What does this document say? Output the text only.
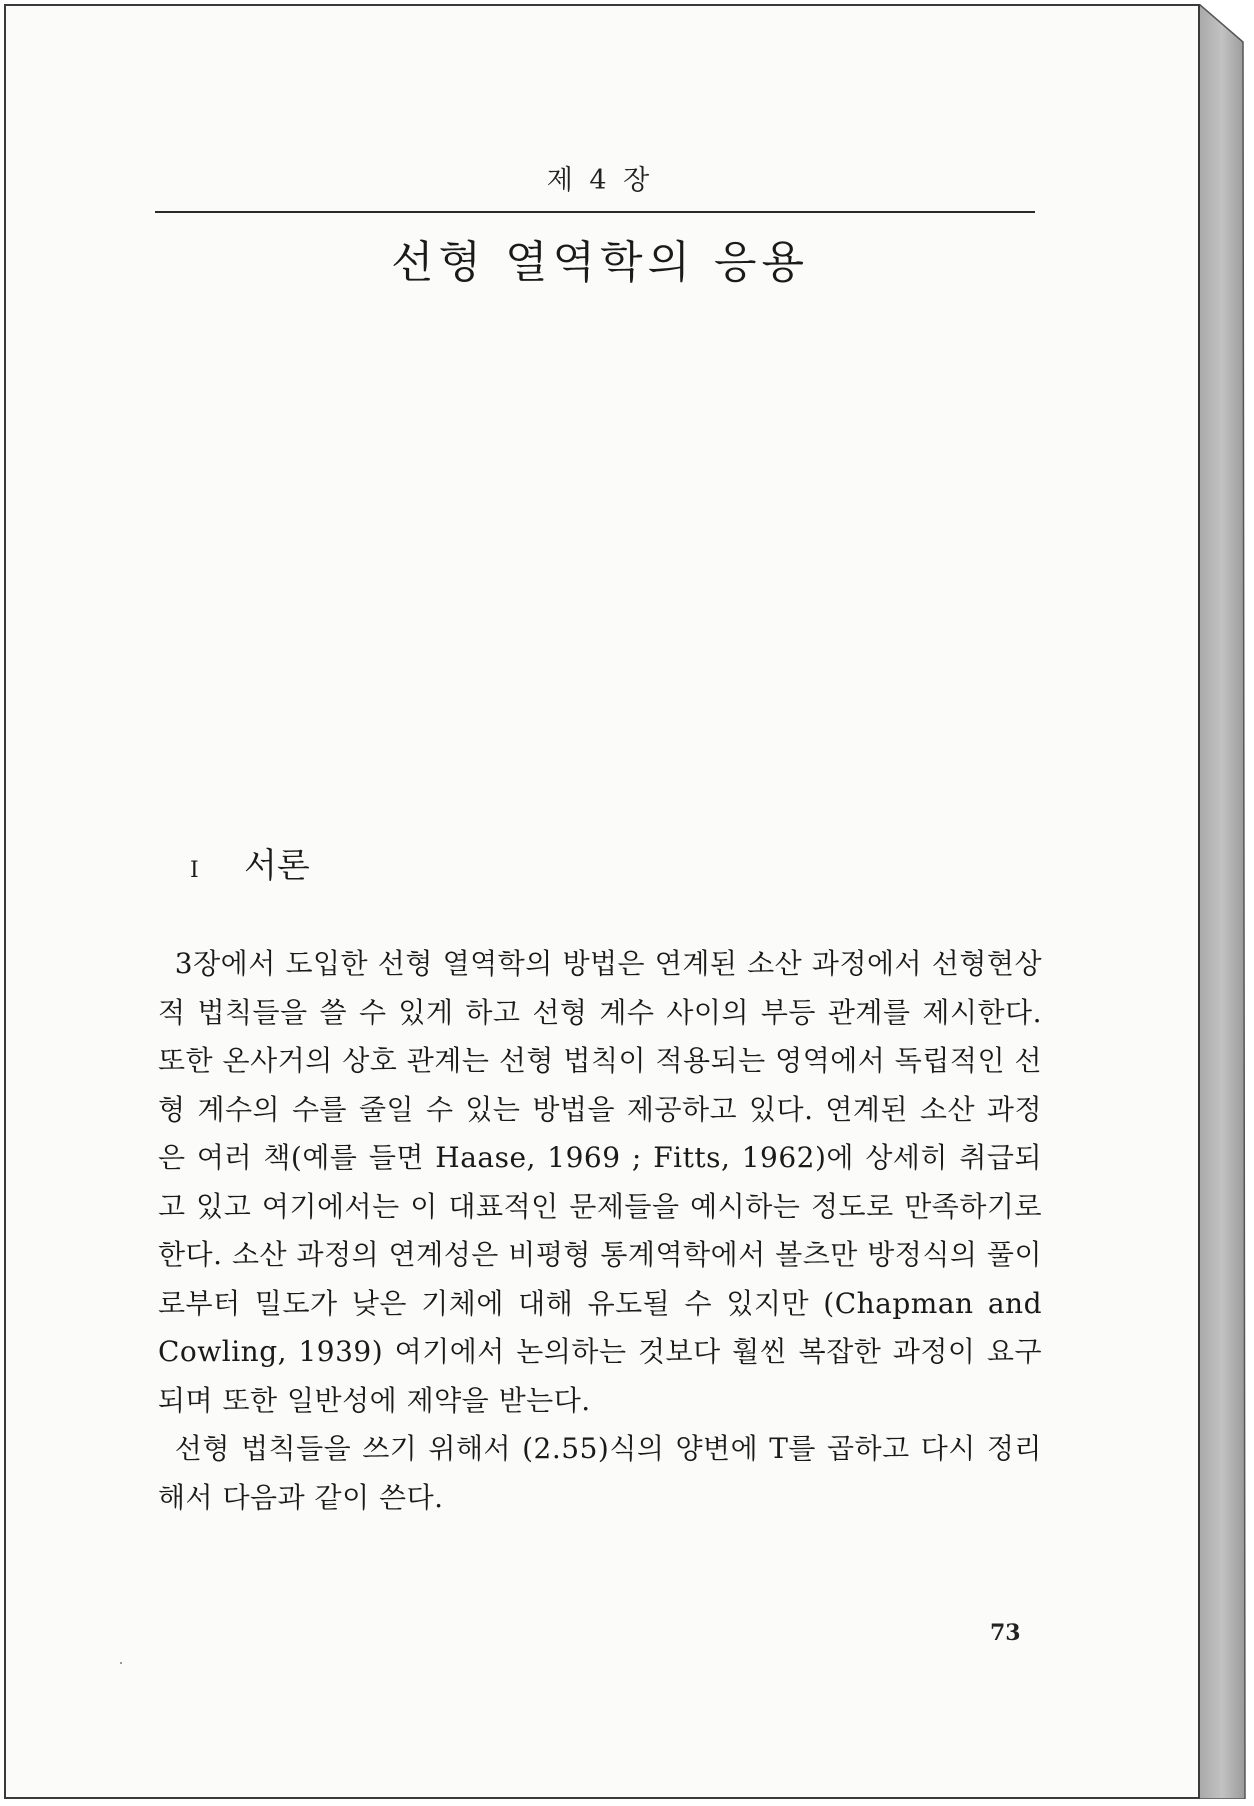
제 4 장
선형 열역학의 응용
I	서론

3장에서 도입한 선형 열역학의 방법은 연계된 소산 과정에서 선형현상적 법칙들을 쓸 수 있게 하고 선형 계수 사이의 부등 관계를 제시한다. 또한 온사거의 상호 관계는 선형 법칙이 적용되는 영역에서 독립적인 선형 계수의 수를 줄일 수 있는 방법을 제공하고 있다. 연계된 소산 과정은 여러 책(예를 들면 Haase, 1969 ; Fitts, 1962)에 상세히 취급되고 있고 여기에서는 이 대표적인 문제들을 예시하는 정도로 만족하기로 한다. 소산 과정의 연계성은 비평형 통계역학에서 볼츠만 방정식의 풀이로부터 밀도가 낮은 기체에 대해 유도될 수 있지만 (Chapman and Cowling, 1939) 여기에서 논의하는 것보다 훨씬 복잡한 과정이 요구되며 또한 일반성에 제약을 받는다.

선형 법칙들을 쓰기 위해서 (2.55)식의 양변에 T를 곱하고 다시 정리해서 다음과 같이 쓴다.

73
